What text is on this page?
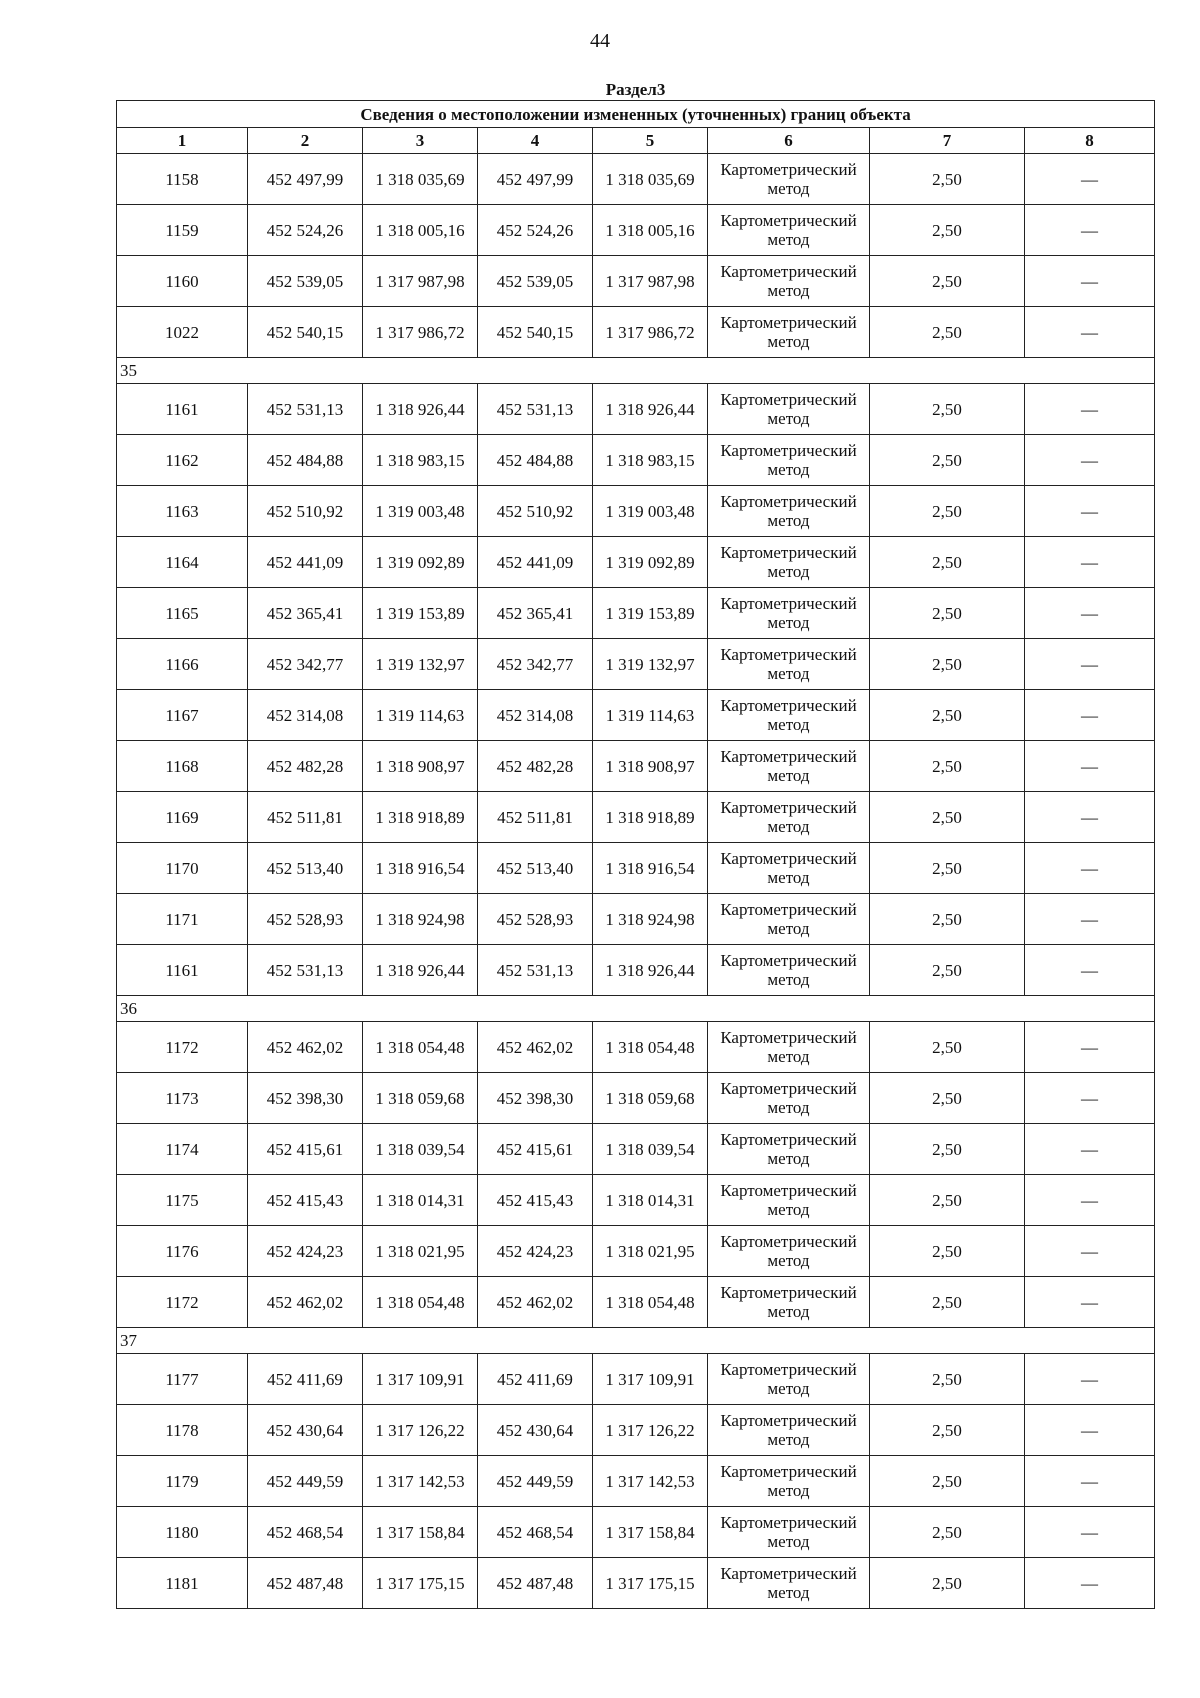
44
Раздел3							
Сведения о местоположении измененных (уточненных) границ объекта							
1	2	3	4	5	6	7	8
1158	452 497,99	1 318 035,69	452 497,99	1 318 035,69	Картометрический метод	2,50	—
1159	452 524,26	1 318 005,16	452 524,26	1 318 005,16	Картометрический метод	2,50	—
1160	452 539,05	1 317 987,98	452 539,05	1 317 987,98	Картометрический метод	2,50	—
1022	452 540,15	1 317 986,72	452 540,15	1 317 986,72	Картометрический метод	2,50	—
35							
1161	452 531,13	1 318 926,44	452 531,13	1 318 926,44	Картометрический метод	2,50	—
1162	452 484,88	1 318 983,15	452 484,88	1 318 983,15	Картометрический метод	2,50	—
1163	452 510,92	1 319 003,48	452 510,92	1 319 003,48	Картометрический метод	2,50	—
1164	452 441,09	1 319 092,89	452 441,09	1 319 092,89	Картометрический метод	2,50	—
1165	452 365,41	1 319 153,89	452 365,41	1 319 153,89	Картометрический метод	2,50	—
1166	452 342,77	1 319 132,97	452 342,77	1 319 132,97	Картометрический метод	2,50	—
1167	452 314,08	1 319 114,63	452 314,08	1 319 114,63	Картометрический метод	2,50	—
1168	452 482,28	1 318 908,97	452 482,28	1 318 908,97	Картометрический метод	2,50	—
1169	452 511,81	1 318 918,89	452 511,81	1 318 918,89	Картометрический метод	2,50	—
1170	452 513,40	1 318 916,54	452 513,40	1 318 916,54	Картометрический метод	2,50	—
1171	452 528,93	1 318 924,98	452 528,93	1 318 924,98	Картометрический метод	2,50	—
1161	452 531,13	1 318 926,44	452 531,13	1 318 926,44	Картометрический метод	2,50	—
36							
1172	452 462,02	1 318 054,48	452 462,02	1 318 054,48	Картометрический метод	2,50	—
1173	452 398,30	1 318 059,68	452 398,30	1 318 059,68	Картометрический метод	2,50	—
1174	452 415,61	1 318 039,54	452 415,61	1 318 039,54	Картометрический метод	2,50	—
1175	452 415,43	1 318 014,31	452 415,43	1 318 014,31	Картометрический метод	2,50	—
1176	452 424,23	1 318 021,95	452 424,23	1 318 021,95	Картометрический метод	2,50	—
1172	452 462,02	1 318 054,48	452 462,02	1 318 054,48	Картометрический метод	2,50	—
37							
1177	452 411,69	1 317 109,91	452 411,69	1 317 109,91	Картометрический метод	2,50	—
1178	452 430,64	1 317 126,22	452 430,64	1 317 126,22	Картометрический метод	2,50	—
1179	452 449,59	1 317 142,53	452 449,59	1 317 142,53	Картометрический метод	2,50	—
1180	452 468,54	1 317 158,84	452 468,54	1 317 158,84	Картометрический метод	2,50	—
1181	452 487,48	1 317 175,15	452 487,48	1 317 175,15	Картометрический метод	2,50	—
